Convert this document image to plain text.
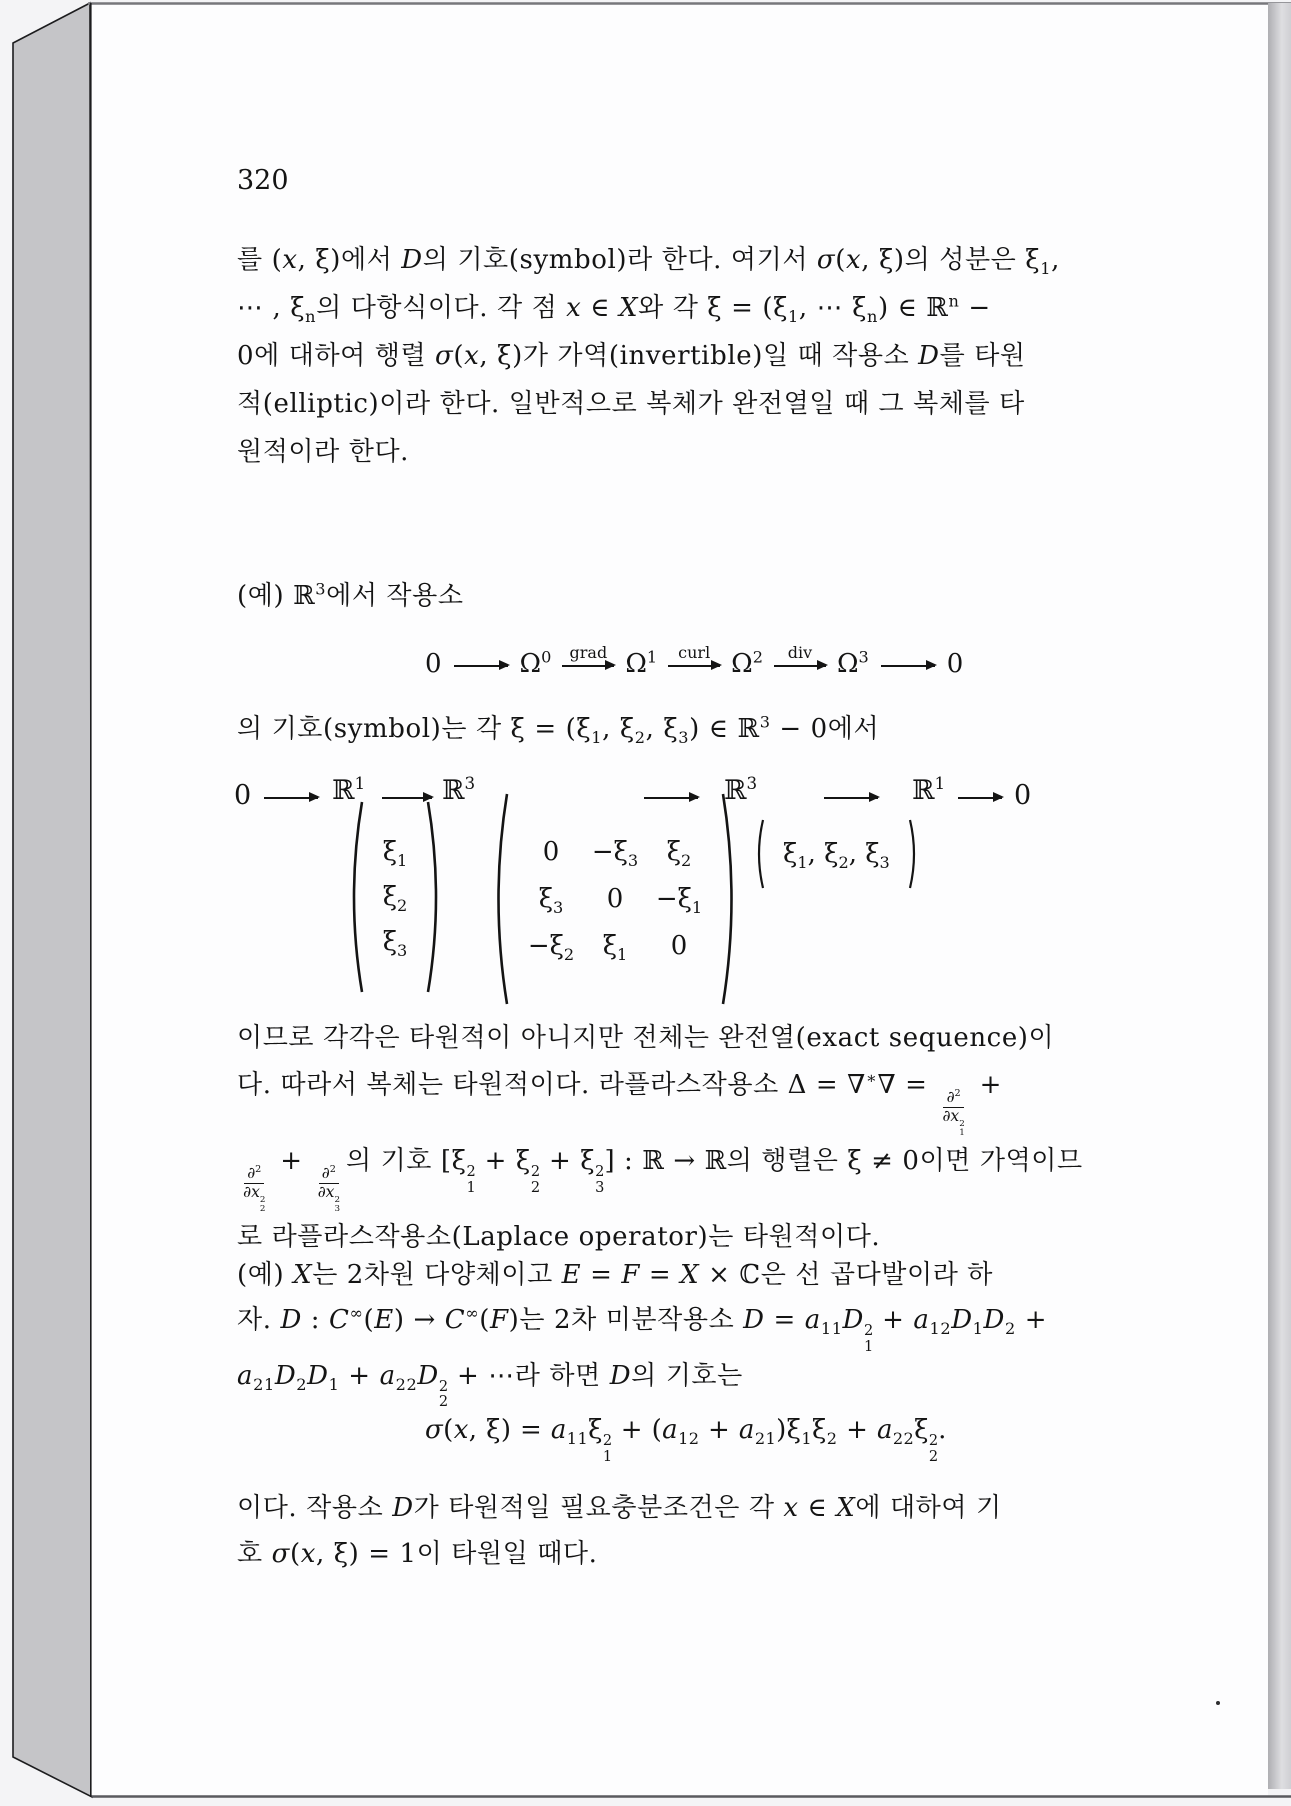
320
를 (x, ξ)에서 D의 기호(symbol)라 한다. 여기서 σ(x, ξ)의 성분은 $\xi_1$,
⋯ , $\xi_n$의 다항식이다. 각 점 x ∈ X와 각 $\xi = (\xi_1$, ⋯ $\xi_n$) ∈ ℝ$^n$ −
0에 대하여 행렬 σ(x, ξ)가 가역(invertible)일 때 작용소 D를 타원
적(elliptic)이라 한다. 일반적으로 복체가 완전열일 때 그 복체를 타
원적이라 한다.
(예) ℝ$^3$에서 작용소
0	$\Omega^0$ grad $\Omega^1$ curl $\Omega^2$ div $\Omega^3$	0
의 기호(symbol)는 각 $\xi = (\xi_1$, $\xi_2$, $\xi_3$) ∈ ℝ$^3$ − 0에서
0	ℝ$^1$	ℝ$^3$	ℝ$^3$	ℝ$^1$	0
$\xi_1$
$\xi_2$
$\xi_3$
$0 -\xi_3$ $\xi_2$
$\xi_3$ $0 -\xi_1$
$-\xi_2$ $\xi_1$ 0
$\xi_1$, $\xi_2$, $\xi_3$
이므로 각각은 타원적이 아니지만 전체는 완전열(exact sequence)이
다. 따라서 복체는 타원적이다. 라플라스작용소 Δ = ∇∗∇ =
∂$^2$
∂x 2
1
+
∂$^2$
∂x 2
2
+
∂$^2$
∂x 2
3
의 기호 [ξ 2
1
+ ξ 2
2
+ ξ 2
3
] : ℝ → ℝ의 행렬은 ξ ≠ 0이면 가역이므
로 라플라스작용소(Laplace operator)는 타원적이다.
(예) X는 2차원 다양체이고 E = F = X × ℂ은 선 곱다발이라 하
자. D : C∞(E) → C∞(F)는 2차 미분작용소 $D = a_{11}D$ 2
1
+ $a_{12}D_1D_2$ +
$a_{21}D_2D_1 + a_{22}D$ 2
2
+ ⋯라 하면 D의 기호는
σ(x, $\xi) = a_{11}\xi$ 2
1
+ $(a_{12} + a_{21})\xi_1\xi_2 + a_{22}\xi$ 2
2
.
이다. 작용소 D가 타원적일 필요충분조건은 각 x ∈ X에 대하여 기
호 σ(x, ξ) = 1이 타원일 때다.
